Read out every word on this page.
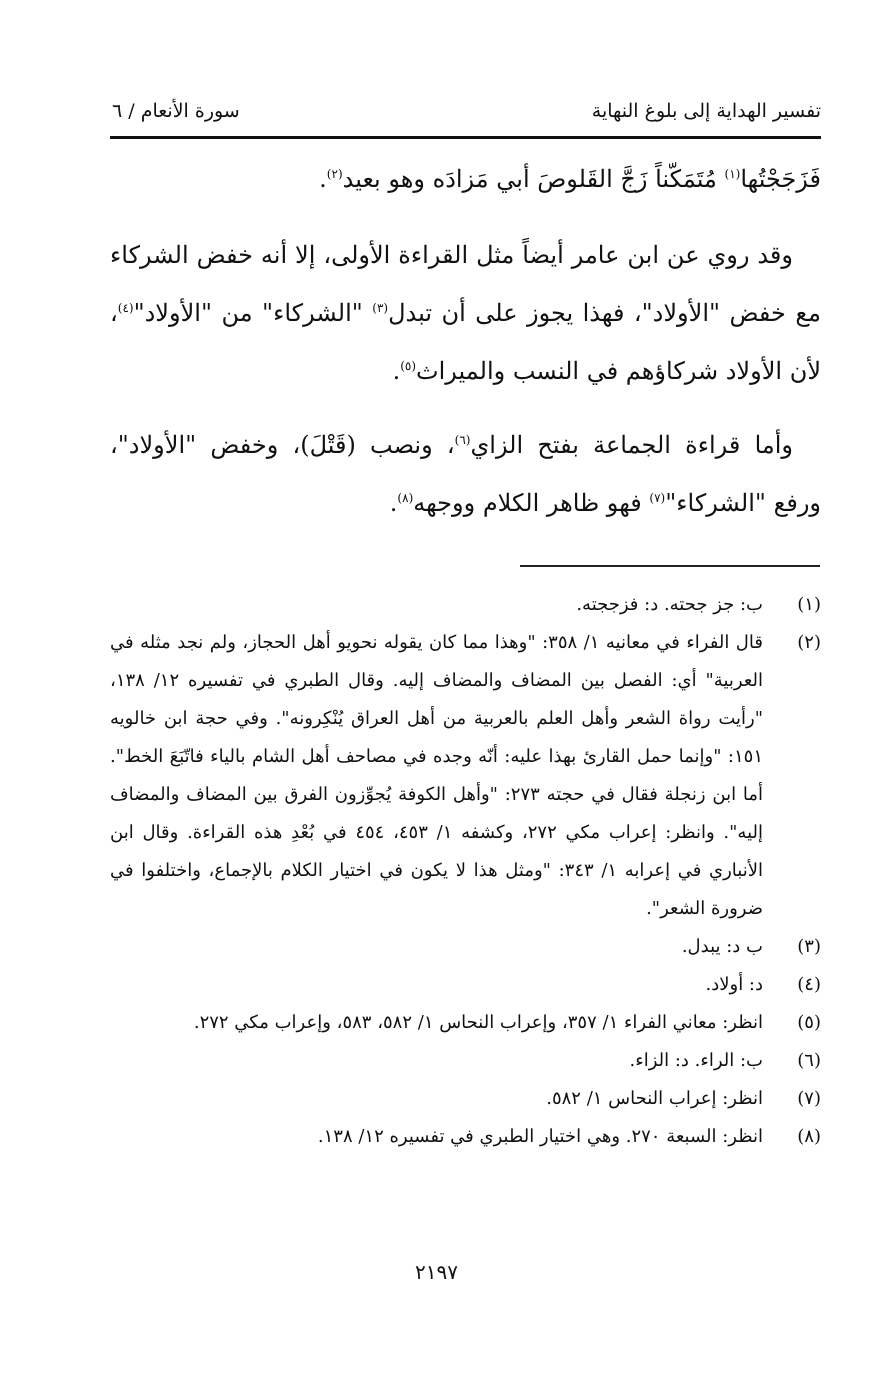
تفسير الهداية إلى بلوغ النهاية
سورة الأنعام / ٦

فَزَجَجْتُها$^{(١)}$ مُتَمَكّناً زَجَّ القَلوصَ أبي مَزادَه وهو بعيد$^{(٢)}$.

وقد روي عن ابن عامر أيضاً مثل القراءة الأولى، إلا أنه خفض الشركاء مع خفض "الأولاد"، فهذا يجوز على أن تبدل$^{(٣)}$ "الشركاء" من "الأولاد"$^{(٤)}$، لأن الأولاد شركاؤهم في النسب والميراث$^{(٥)}$.

وأما قراءة الجماعة بفتح الزاي$^{(٦)}$، ونصب (قَتْلَ)، وخفض "الأولاد"، ورفع "الشركاء"$^{(٧)}$ فهو ظاهر الكلام ووجهه$^{(٨)}$.

(١)
ب: جز جحته. د: فزججته.
(٢)
قال الفراء في معانيه ١/ ٣٥٨: "وهذا مما كان يقوله نحويو أهل الحجاز، ولم نجد مثله في العربية" أي: الفصل بين المضاف والمضاف إليه. وقال الطبري في تفسيره ١٢/ ١٣٨، "رأيت رواة الشعر وأهل العلم بالعربية من أهل العراق يُنْكِرونه". وفي حجة ابن خالويه ١٥١: "وإنما حمل القارئ بهذا عليه: أنّه وجده في مصاحف أهل الشام بالياء فاتّبَعَ الخط". أما ابن زنجلة فقال في حجته ٢٧٣: "وأهل الكوفة يُجوِّزون الفرق بين المضاف والمضاف إليه". وانظر: إعراب مكي ٢٧٢، وكشفه ١/ ٤٥٣، ٤٥٤ في بُعْدِ هذه القراءة. وقال ابن الأنباري في إعرابه ١/ ٣٤٣: "ومثل هذا لا يكون في اختيار الكلام بالإجماع، واختلفوا في ضرورة الشعر".
(٣)
ب د: يبدل.
(٤)
د: أولاد.
(٥)
انظر: معاني الفراء ١/ ٣٥٧، وإعراب النحاس ١/ ٥٨٢، ٥٨٣، وإعراب مكي ٢٧٢.
(٦)
ب: الراء. د: الزاء.
(٧)
انظر: إعراب النحاس ١/ ٥٨٢.
(٨)
انظر: السبعة ٢٧٠. وهي اختيار الطبري في تفسيره ١٢/ ١٣٨.
٢١٩٧
